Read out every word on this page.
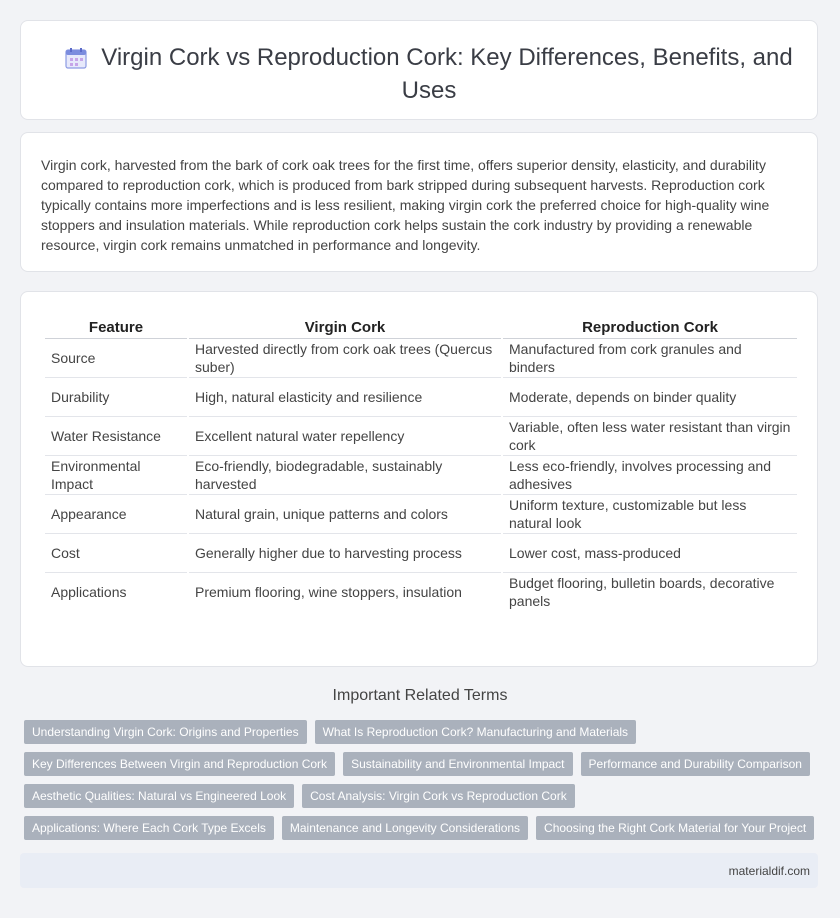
Virgin Cork vs Reproduction Cork: Key Differences, Benefits, and Uses
Virgin cork, harvested from the bark of cork oak trees for the first time, offers superior density, elasticity, and durability compared to reproduction cork, which is produced from bark stripped during subsequent harvests. Reproduction cork typically contains more imperfections and is less resilient, making virgin cork the preferred choice for high-quality wine stoppers and insulation materials. While reproduction cork helps sustain the cork industry by providing a renewable resource, virgin cork remains unmatched in performance and longevity.
Feature	Virgin Cork	Reproduction Cork
Source	Harvested directly from cork oak trees (Quercus suber)	Manufactured from cork granules and binders
Durability	High, natural elasticity and resilience	Moderate, depends on binder quality
Water Resistance	Excellent natural water repellency	Variable, often less water resistant than virgin cork
Environmental Impact	Eco-friendly, biodegradable, sustainably harvested	Less eco-friendly, involves processing and adhesives
Appearance	Natural grain, unique patterns and colors	Uniform texture, customizable but less natural look
Cost	Generally higher due to harvesting process	Lower cost, mass-produced
Applications	Premium flooring, wine stoppers, insulation	Budget flooring, bulletin boards, decorative panels
Important Related Terms
Understanding Virgin Cork: Origins and Properties	What Is Reproduction Cork? Manufacturing and Materials
Key Differences Between Virgin and Reproduction Cork	Sustainability and Environmental Impact	Performance and Durability Comparison
Aesthetic Qualities: Natural vs Engineered Look	Cost Analysis: Virgin Cork vs Reproduction Cork
Applications: Where Each Cork Type Excels	Maintenance and Longevity Considerations	Choosing the Right Cork Material for Your Project
materialdif.com
